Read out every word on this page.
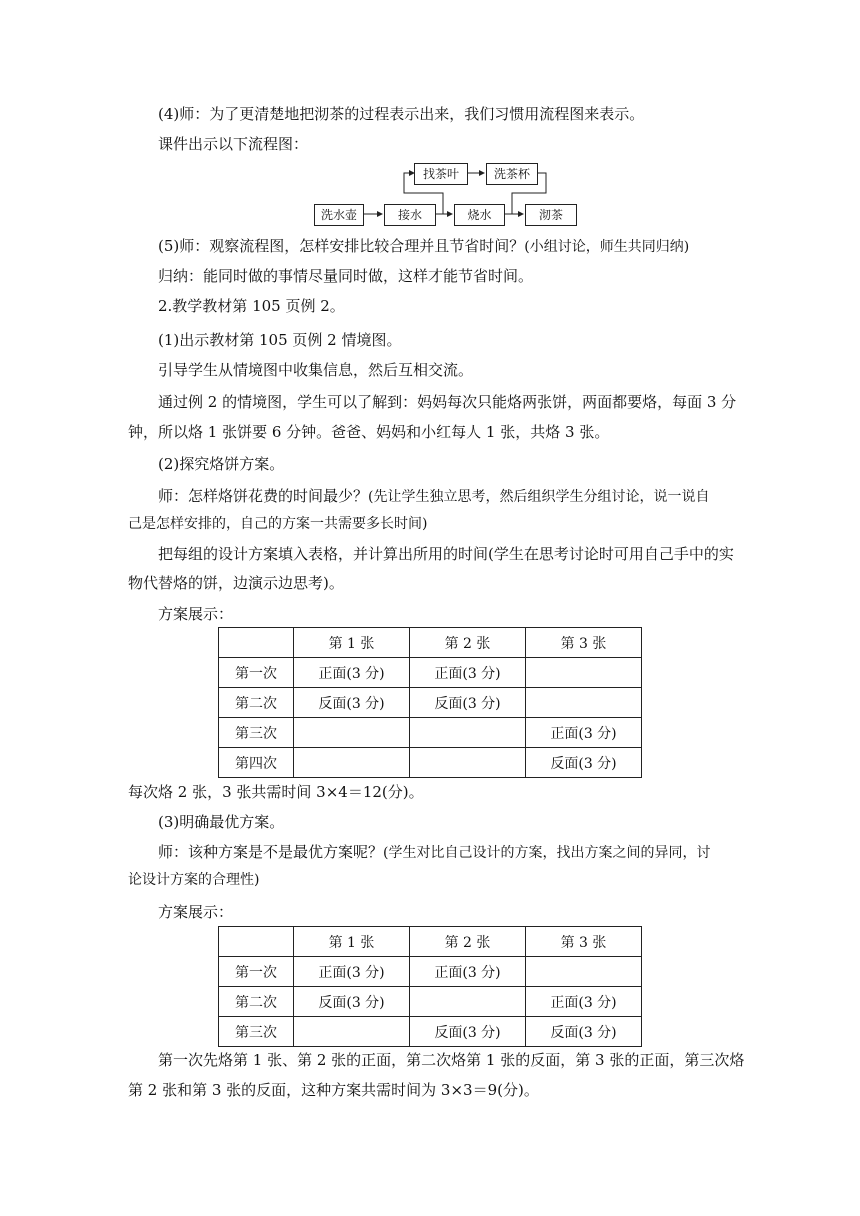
(4)师：为了更清楚地把沏茶的过程表示出来，我们习惯用流程图来表示。
课件出示以下流程图：
找茶叶	洗茶杯
洗水壶	接水	烧水	沏茶
(5)师：观察流程图，怎样安排比较合理并且节省时间？(小组讨论，师生共同归纳)
归纳：能同时做的事情尽量同时做，这样才能节省时间。
2.教学教材第 105 页例 2。
(1)出示教材第 105 页例 2 情境图。
引导学生从情境图中收集信息，然后互相交流。
通过例 2 的情境图，学生可以了解到：妈妈每次只能烙两张饼，两面都要烙，每面 3 分
钟，所以烙 1 张饼要 6 分钟。爸爸、妈妈和小红每人 1 张，共烙 3 张。
(2)探究烙饼方案。
师：怎样烙饼花费的时间最少？(先让学生独立思考，然后组织学生分组讨论，说一说自
己是怎样安排的，自己的方案一共需要多长时间)
把每组的设计方案填入表格，并计算出所用的时间(学生在思考讨论时可用自己手中的实
物代替烙的饼，边演示边思考)。
方案展示：
	第 1 张	第 2 张	第 3 张
第一次	正面(3 分)	正面(3 分)	
第二次	反面(3 分)	反面(3 分)	
第三次			正面(3 分)
第四次			反面(3 分)
每次烙 2 张，3 张共需时间 3×4＝12(分)。
(3)明确最优方案。
师：该种方案是不是最优方案呢？(学生对比自己设计的方案，找出方案之间的异同，讨
论设计方案的合理性)
方案展示：
	第 1 张	第 2 张	第 3 张
第一次	正面(3 分)	正面(3 分)	
第二次	反面(3 分)		正面(3 分)
第三次		反面(3 分)	反面(3 分)
第一次先烙第 1 张、第 2 张的正面，第二次烙第 1 张的反面，第 3 张的正面，第三次烙
第 2 张和第 3 张的反面，这种方案共需时间为 3×3＝9(分)。
